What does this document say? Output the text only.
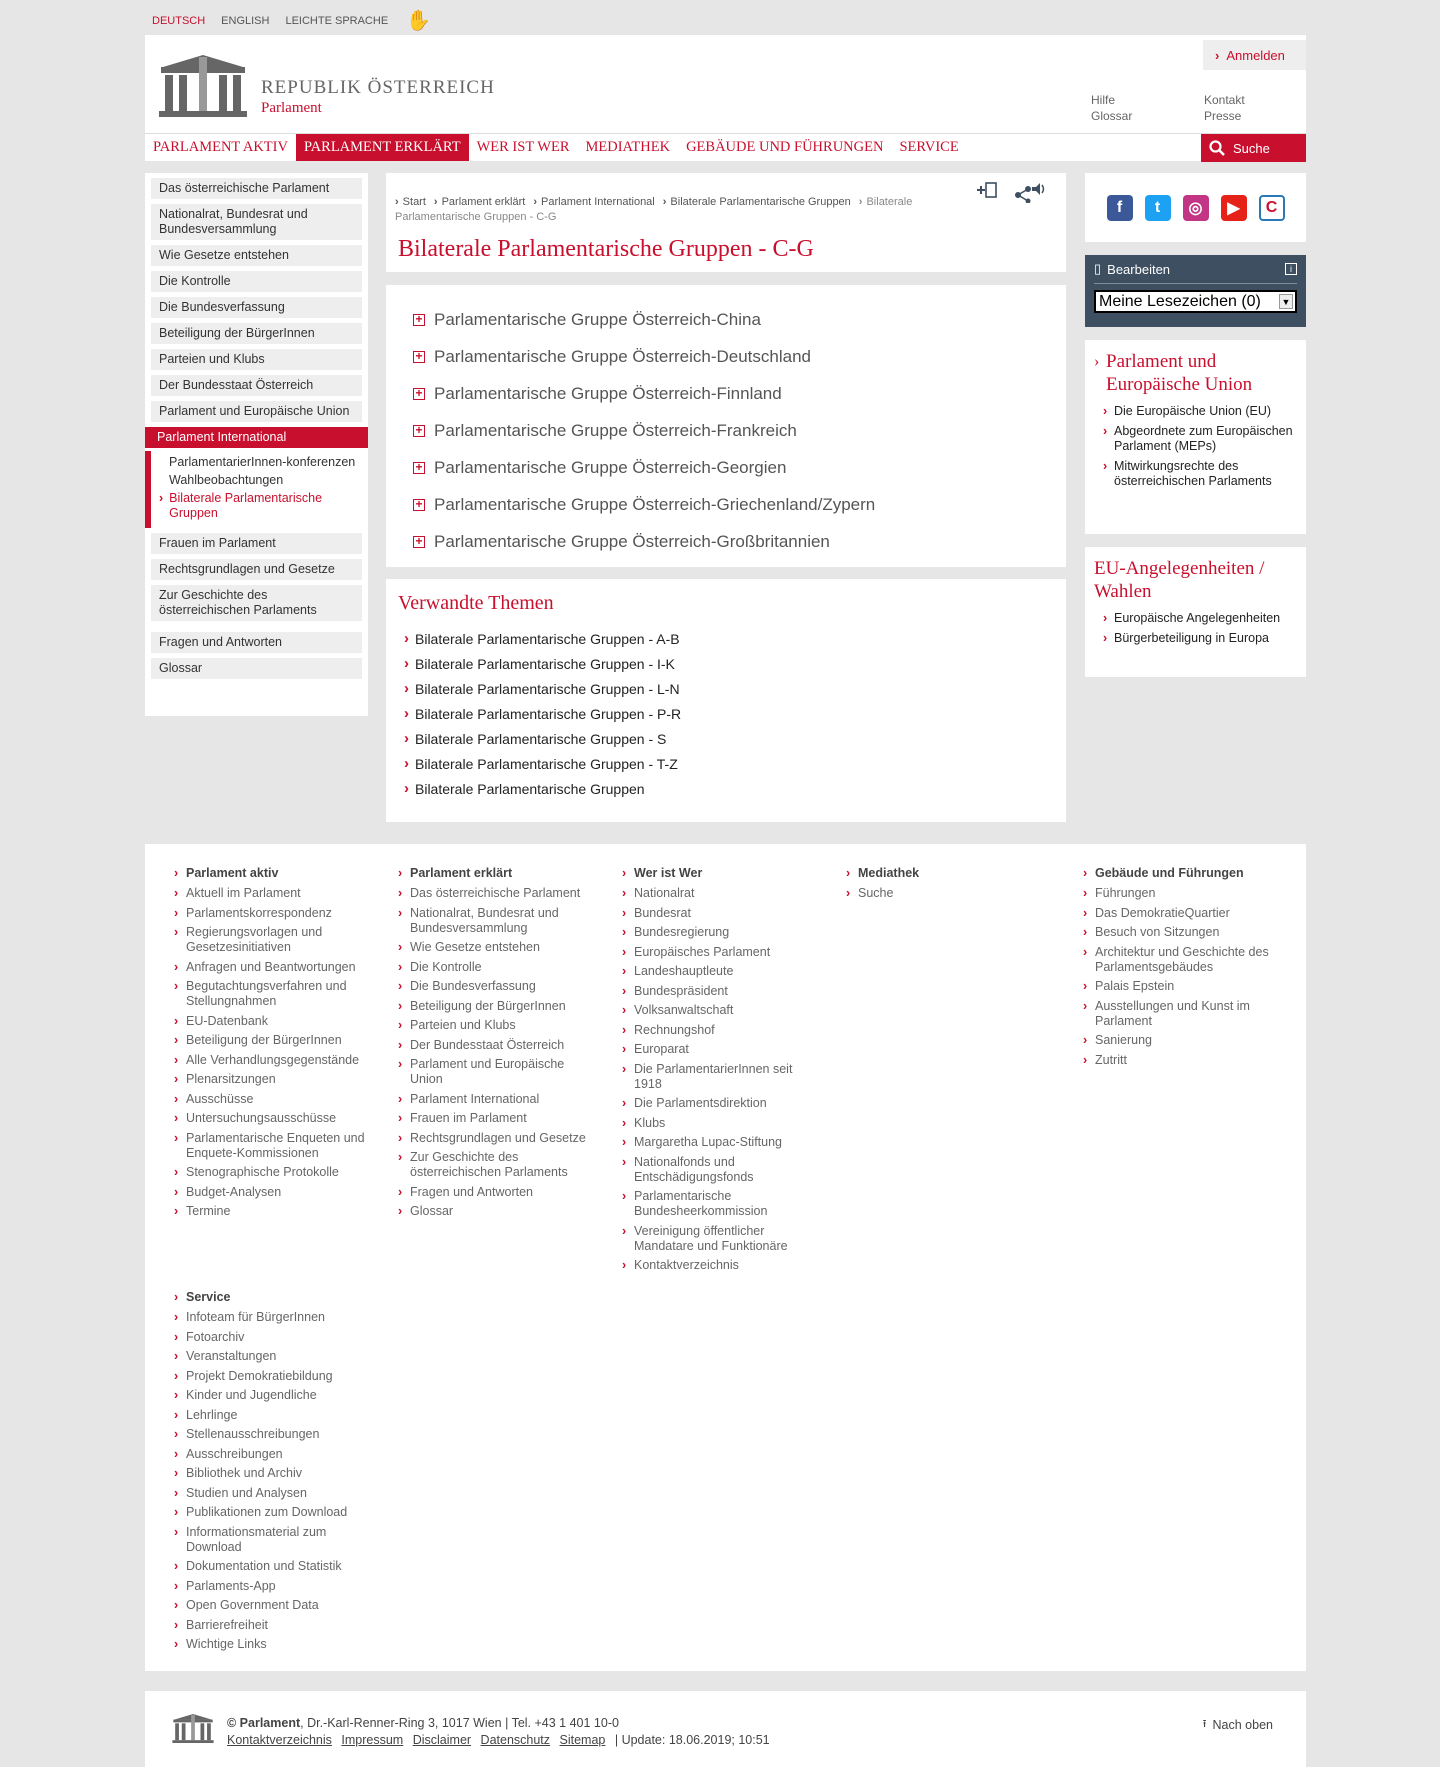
DEUTSCH ENGLISH LEICHTE SPRACHE ✋
REPUBLIK ÖSTERREICH
Parlament
› Anmelden
Hilfe
Glossar
Kontakt
Presse
PARLAMENT AKTIV	PARLAMENT ERKLÄRT	WER IST WER	MEDIATHEK	GEBÄUDE UND FÜHRUNGEN	SERVICE	Suche
Das österreichische Parlament
Nationalrat, Bundesrat und Bundesversammlung
Wie Gesetze entstehen
Die Kontrolle
Die Bundesverfassung
Beteiligung der BürgerInnen
Parteien und Klubs
Der Bundesstaat Österreich
Parlament und Europäische Union
Parlament International
ParlamentarierInnen-konferenzen
Wahlbeobachtungen
› Bilaterale Parlamentarische Gruppen
Frauen im Parlament
Rechtsgrundlagen und Gesetze
Zur Geschichte des österreichischen Parlaments
Fragen und Antworten
Glossar
› Start › Parlament erklärt › Parlament International › Bilaterale Parlamentarische Gruppen › Bilaterale Parlamentarische Gruppen - C-G
Bilaterale Parlamentarische Gruppen - C-G
+ Parlamentarische Gruppe Österreich-China
+ Parlamentarische Gruppe Österreich-Deutschland
+ Parlamentarische Gruppe Österreich-Finnland
+ Parlamentarische Gruppe Österreich-Frankreich
+ Parlamentarische Gruppe Österreich-Georgien
+ Parlamentarische Gruppe Österreich-Griechenland/Zypern
+ Parlamentarische Gruppe Österreich-Großbritannien
Verwandte Themen
› Bilaterale Parlamentarische Gruppen - A-B
› Bilaterale Parlamentarische Gruppen - I-K
› Bilaterale Parlamentarische Gruppen - L-N
› Bilaterale Parlamentarische Gruppen - P-R
› Bilaterale Parlamentarische Gruppen - S
› Bilaterale Parlamentarische Gruppen - T-Z
› Bilaterale Parlamentarische Gruppen
f	t	◎	▶	C
▯ Bearbeiten	i
Meine Lesezeichen (0) ▼
› Parlament und Europäische Union
› Die Europäische Union (EU)
› Abgeordnete zum Europäischen Parlament (MEPs)
› Mitwirkungsrechte des österreichischen Parlaments
EU-Angelegenheiten / Wahlen
› Europäische Angelegenheiten
› Bürgerbeteiligung in Europa
› Parlament aktiv
› Aktuell im Parlament
› Parlamentskorrespondenz
› Regierungsvorlagen und Gesetzesinitiativen
› Anfragen und Beantwortungen
› Begutachtungsverfahren und Stellungnahmen
› EU-Datenbank
› Beteiligung der BürgerInnen
› Alle Verhandlungsgegenstände
› Plenarsitzungen
› Ausschüsse
› Untersuchungsausschüsse
› Parlamentarische Enqueten und Enquete-Kommissionen
› Stenographische Protokolle
› Budget-Analysen
› Termine
› Parlament erklärt
› Das österreichische Parlament
› Nationalrat, Bundesrat und Bundesversammlung
› Wie Gesetze entstehen
› Die Kontrolle
› Die Bundesverfassung
› Beteiligung der BürgerInnen
› Parteien und Klubs
› Der Bundesstaat Österreich
› Parlament und Europäische Union
› Parlament International
› Frauen im Parlament
› Rechtsgrundlagen und Gesetze
› Zur Geschichte des österreichischen Parlaments
› Fragen und Antworten
› Glossar
› Wer ist Wer
› Nationalrat
› Bundesrat
› Bundesregierung
› Europäisches Parlament
› Landeshauptleute
› Bundespräsident
› Volksanwaltschaft
› Rechnungshof
› Europarat
› Die ParlamentarierInnen seit 1918
› Die Parlamentsdirektion
› Klubs
› Margaretha Lupac-Stiftung
› Nationalfonds und Entschädigungsfonds
› Parlamentarische Bundesheerkommission
› Vereinigung öffentlicher Mandatare und Funktionäre
› Kontaktverzeichnis
› Mediathek
› Suche
› Gebäude und Führungen
› Führungen
› Das DemokratieQuartier
› Besuch von Sitzungen
› Architektur und Geschichte des Parlamentsgebäudes
› Palais Epstein
› Ausstellungen und Kunst im Parlament
› Sanierung
› Zutritt
› Service
› Infoteam für BürgerInnen
› Fotoarchiv
› Veranstaltungen
› Projekt Demokratiebildung
› Kinder und Jugendliche
› Lehrlinge
› Stellenausschreibungen
› Ausschreibungen
› Bibliothek und Archiv
› Studien und Analysen
› Publikationen zum Download
› Informationsmaterial zum Download
› Dokumentation und Statistik
› Parlaments-App
› Open Government Data
› Barrierefreiheit
› Wichtige Links
© Parlament, Dr.-Karl-Renner-Ring 3, 1017 Wien | Tel. +43 1 401 10-0
Kontaktverzeichnis Impressum Disclaimer Datenschutz Sitemap | Update: 18.06.2019; 10:51
⭱ Nach oben
